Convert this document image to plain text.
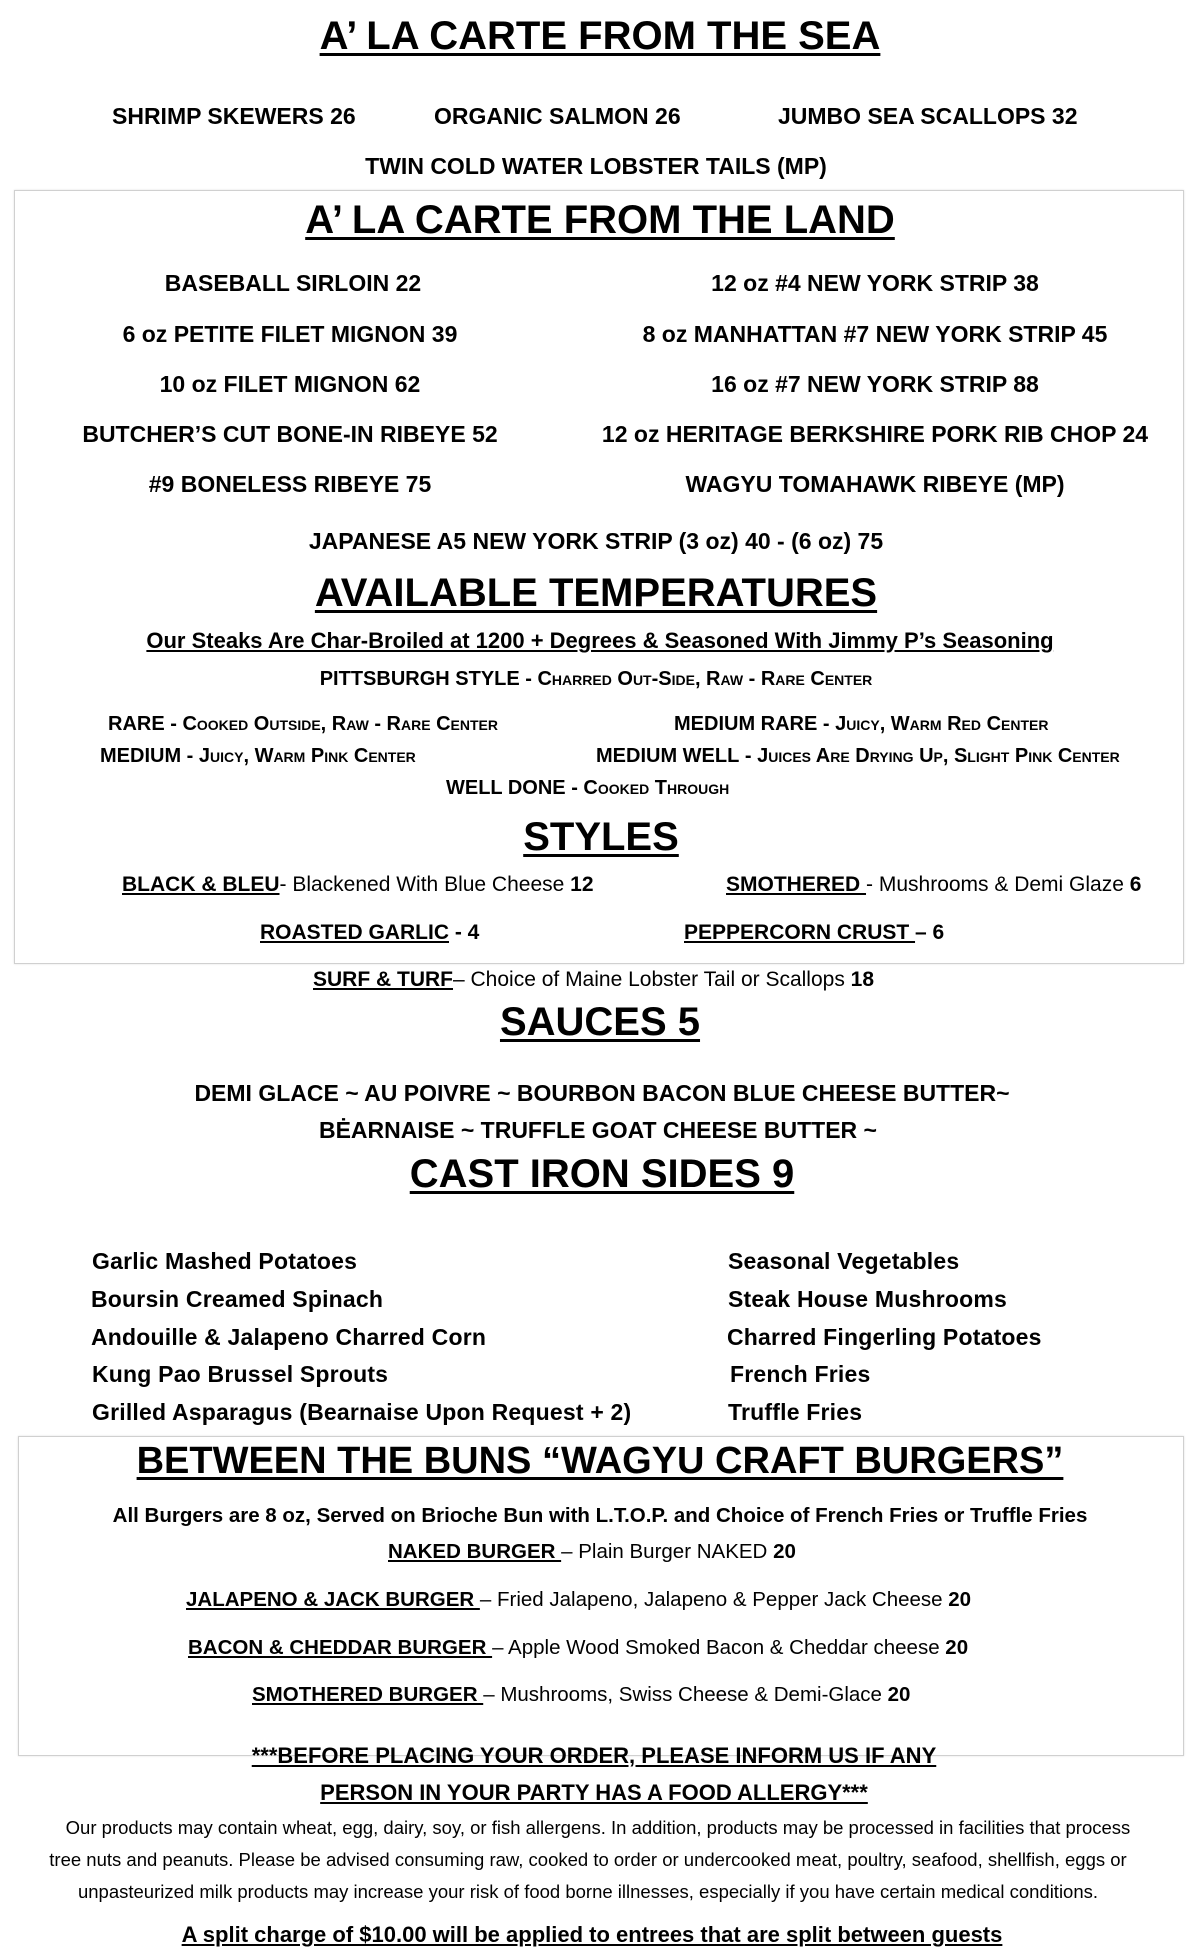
A’ LA CARTE FROM THE SEA
SHRIMP SKEWERS 26	ORGANIC SALMON 26	JUMBO SEA SCALLOPS 32
TWIN COLD WATER LOBSTER TAILS (MP)
A’ LA CARTE FROM THE LAND
BASEBALL SIRLOIN 22
6 oz PETITE FILET MIGNON 39
10 oz FILET MIGNON 62
BUTCHER’S CUT BONE-IN RIBEYE 52
#9 BONELESS RIBEYE 75
12 oz #4 NEW YORK STRIP 38
8 oz MANHATTAN #7 NEW YORK STRIP 45
16 oz #7 NEW YORK STRIP 88
12 oz HERITAGE BERKSHIRE PORK RIB CHOP 24
WAGYU TOMAHAWK RIBEYE (MP)
JAPANESE A5 NEW YORK STRIP (3 oz) 40 - (6 oz) 75
AVAILABLE TEMPERATURES
Our Steaks Are Char-Broiled at 1200 + Degrees & Seasoned With Jimmy P’s Seasoning
PITTSBURGH STYLE - Charred Out-Side, Raw - Rare Center
RARE - Cooked Outside, Raw - Rare Center	MEDIUM RARE - Juicy, Warm Red Center
MEDIUM - Juicy, Warm Pink Center	MEDIUM WELL - Juices Are Drying Up, Slight Pink Center
WELL DONE - Cooked Through
STYLES
BLACK & BLEU- Blackened With Blue Cheese 12	SMOTHERED - Mushrooms & Demi Glaze 6
ROASTED GARLIC - 4	PEPPERCORN CRUST – 6
SURF & TURF– Choice of Maine Lobster Tail or Scallops 18
SAUCES 5
DEMI GLACE ~ AU POIVRE ~ BOURBON BACON BLUE CHEESE BUTTER~
BĖARNAISE ~ TRUFFLE GOAT CHEESE BUTTER ~
CAST IRON SIDES 9
Garlic Mashed Potatoes
Boursin Creamed Spinach
Andouille & Jalapeno Charred Corn
Kung Pao Brussel Sprouts
Grilled Asparagus (Bearnaise Upon Request + 2)
Seasonal Vegetables
Steak House Mushrooms
Charred Fingerling Potatoes
French Fries
Truffle Fries
BETWEEN THE BUNS “WAGYU CRAFT BURGERS”
All Burgers are 8 oz, Served on Brioche Bun with L.T.O.P. and Choice of French Fries or Truffle Fries
NAKED BURGER – Plain Burger NAKED 20
JALAPENO & JACK BURGER – Fried Jalapeno, Jalapeno & Pepper Jack Cheese 20
BACON & CHEDDAR BURGER – Apple Wood Smoked Bacon & Cheddar cheese 20
SMOTHERED BURGER – Mushrooms, Swiss Cheese & Demi-Glace 20
***BEFORE PLACING YOUR ORDER, PLEASE INFORM US IF ANY
PERSON IN YOUR PARTY HAS A FOOD ALLERGY***
Our products may contain wheat, egg, dairy, soy, or fish allergens. In addition, products may be processed in facilities that process
tree nuts and peanuts. Please be advised consuming raw, cooked to order or undercooked meat, poultry, seafood, shellfish, eggs or
unpasteurized milk products may increase your risk of food borne illnesses, especially if you have certain medical conditions.
A split charge of $10.00 will be applied to entrees that are split between guests
